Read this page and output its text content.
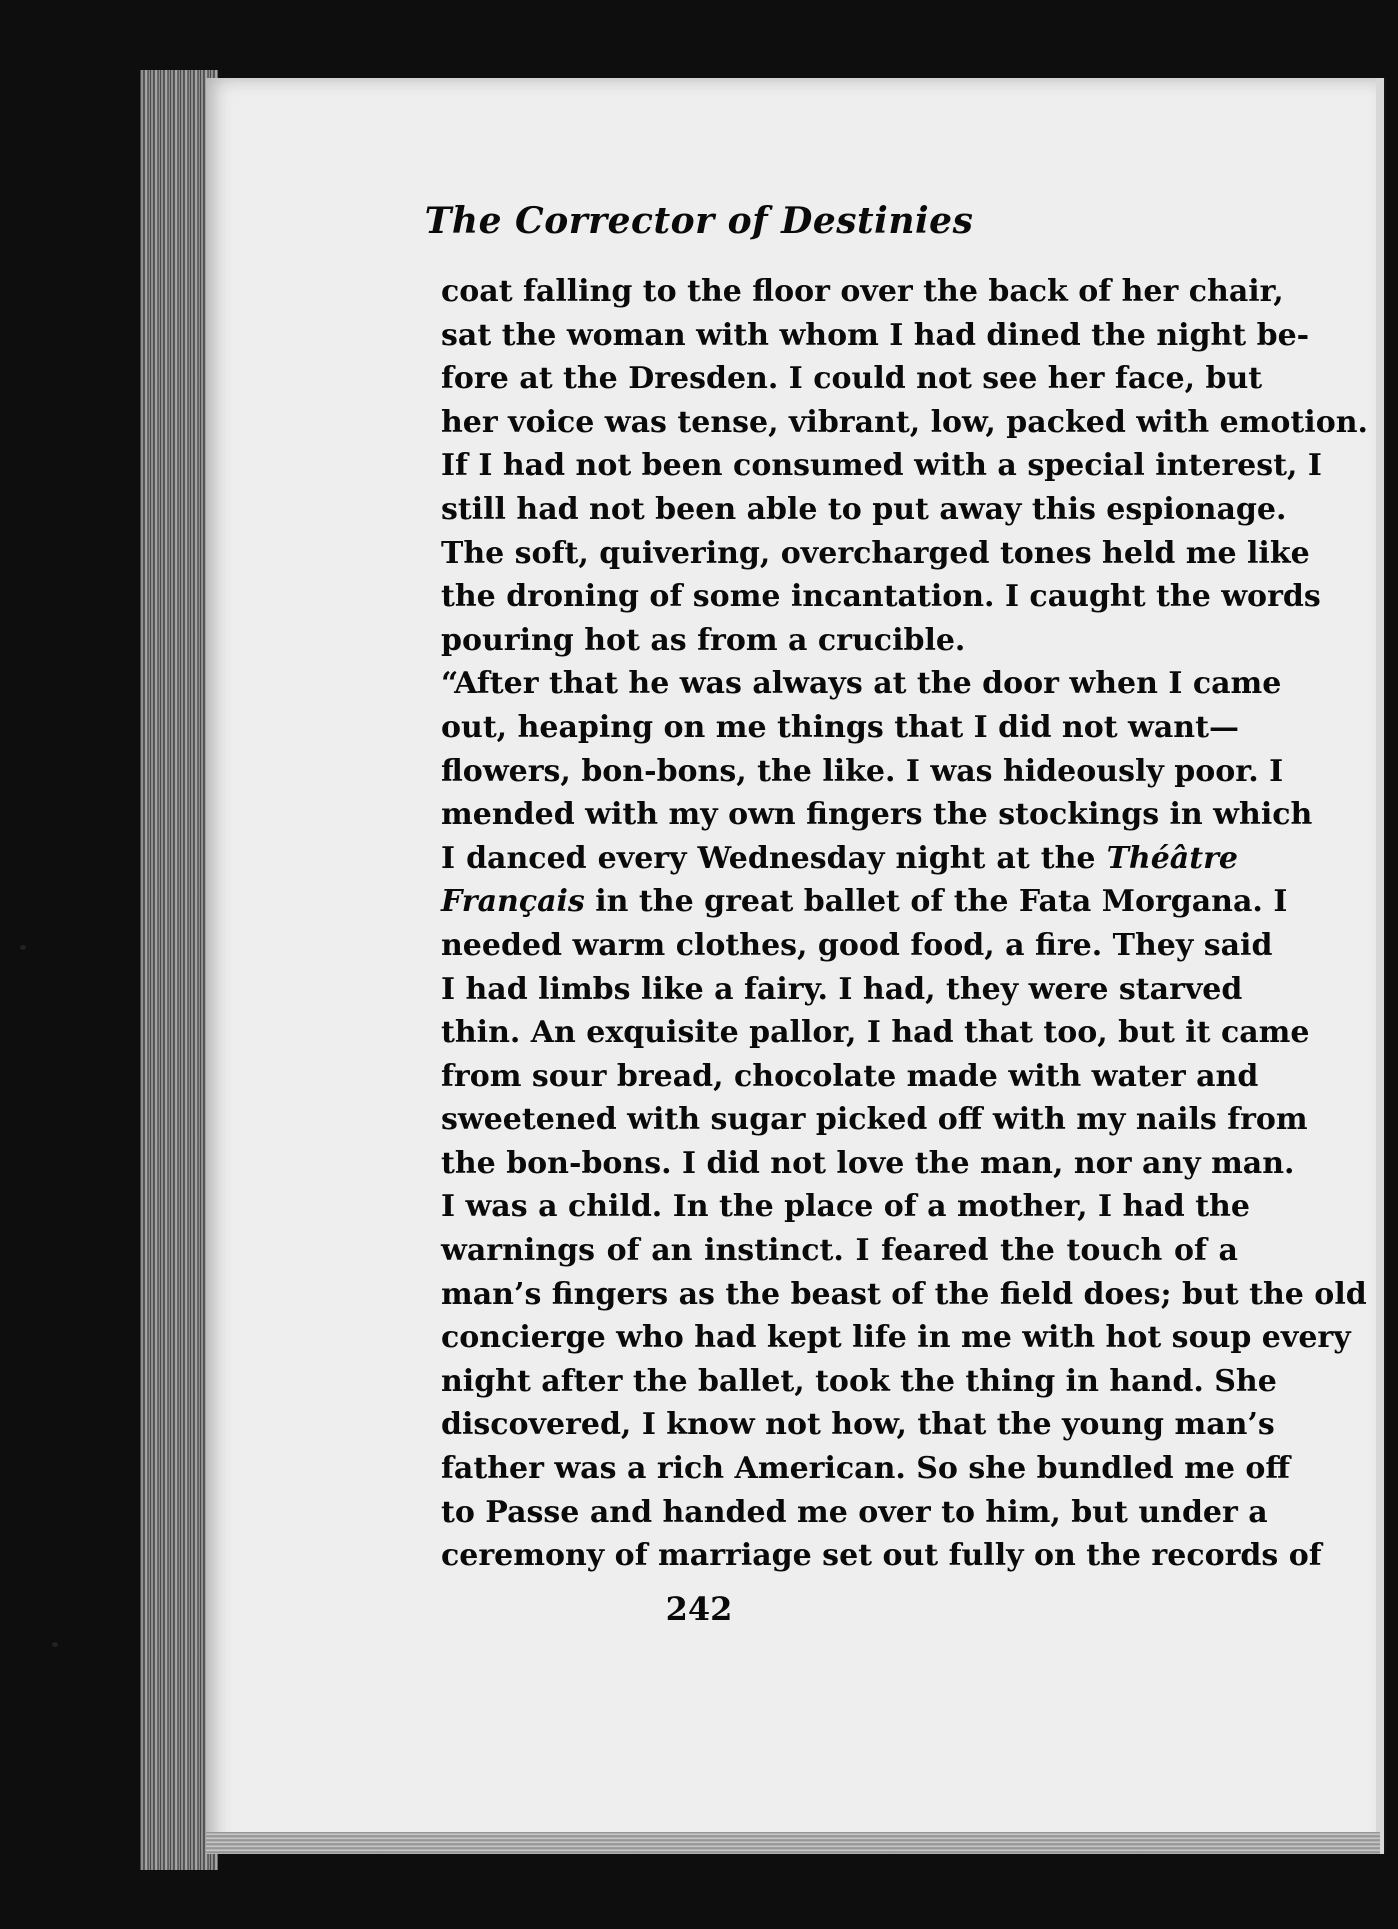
The Corrector of Destinies
coat falling to the floor over the back of her chair,
sat the woman with whom I had dined the night be-
fore at the Dresden. I could not see her face, but
her voice was tense, vibrant, low, packed with emotion.
If I had not been consumed with a special interest, I
still had not been able to put away this espionage.
The soft, quivering, overcharged tones held me like
the droning of some incantation. I caught the words
pouring hot as from a crucible.
“After that he was always at the door when I came
out, heaping on me things that I did not want—
flowers, bon-bons, the like. I was hideously poor. I
mended with my own fingers the stockings in which
I danced every Wednesday night at the Théâtre
Français in the great ballet of the Fata Morgana. I
needed warm clothes, good food, a fire. They said
I had limbs like a fairy. I had, they were starved
thin. An exquisite pallor, I had that too, but it came
from sour bread, chocolate made with water and
sweetened with sugar picked off with my nails from
the bon-bons. I did not love the man, nor any man.
I was a child. In the place of a mother, I had the
warnings of an instinct. I feared the touch of a
man’s fingers as the beast of the field does; but the old
concierge who had kept life in me with hot soup every
night after the ballet, took the thing in hand. She
discovered, I know not how, that the young man’s
father was a rich American. So she bundled me off
to Passe and handed me over to him, but under a
ceremony of marriage set out fully on the records of
242
